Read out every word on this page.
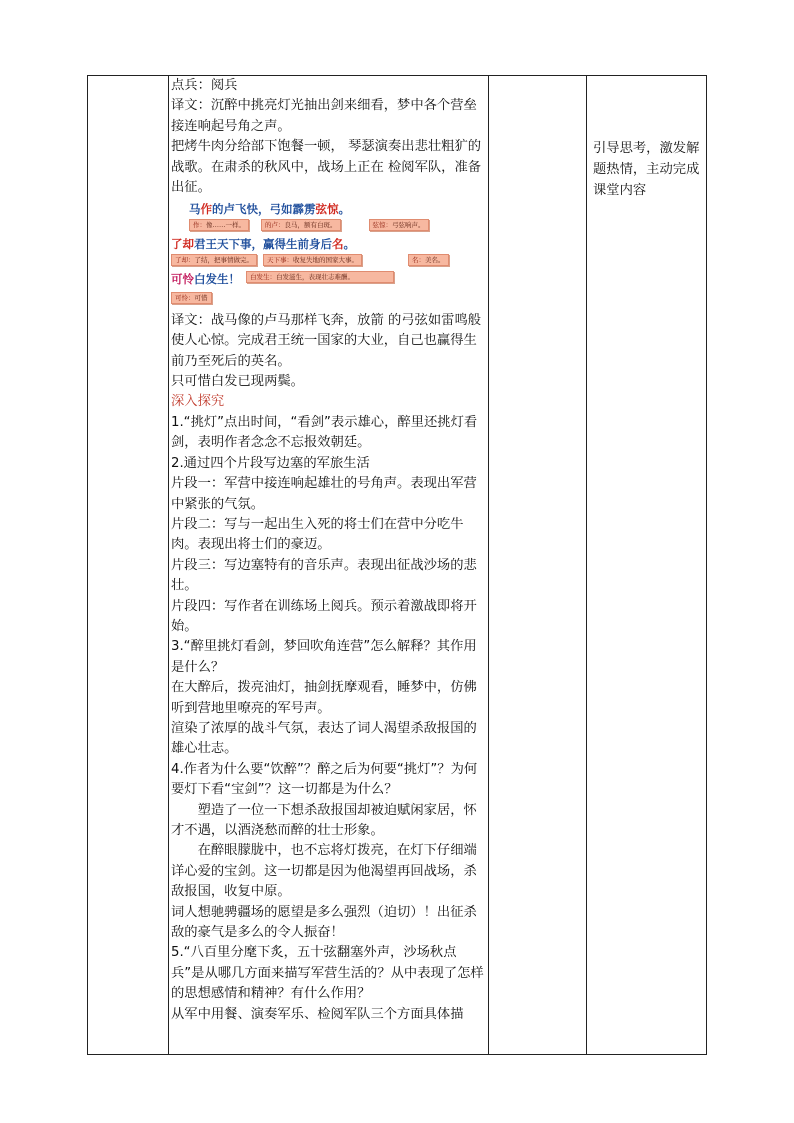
点兵：阅兵

译文：沉醉中挑亮灯光抽出剑来细看，梦中各个营垒接连响起号角之声。

把烤牛肉分给部下饱餐一顿， 琴瑟演奏出悲壮粗犷的战歌。在肃杀的秋风中，战场上正在 检阅军队，准备出征。

马作的卢飞快，弓如霹雳弦惊。
作：像……一样。	的卢：良马，额有白斑。	弦惊：弓弦响声。
了却君王天下事，赢得生前身后名。
了却：了结，把事情做完。	天下事：收复失地的国家大事。	名：美名。
可怜白发生！
可怜：可惜
白发生：白发滋生，表现壮志难酬。

译文：战马像的卢马那样飞奔，放箭 的弓弦如雷鸣般使人心惊。完成君王统一国家的大业，自己也赢得生前乃至死后的英名。

只可惜白发已现两鬓。

深入探究

1.“挑灯”点出时间，“看剑”表示雄心，醉里还挑灯看剑，表明作者念念不忘报效朝廷。

2.通过四个片段写边塞的军旅生活

片段一：军营中接连响起雄壮的号角声。表现出军营中紧张的气氛。

片段二：写与一起出生入死的将士们在营中分吃牛肉。表现出将士们的豪迈。

片段三：写边塞特有的音乐声。表现出征战沙场的悲壮。

片段四：写作者在训练场上阅兵。预示着激战即将开始。

3.“醉里挑灯看剑，梦回吹角连营”怎么解释？其作用是什么？

在大醉后，拨亮油灯，抽剑抚摩观看，睡梦中，仿佛听到营地里嘹亮的军号声。

渲染了浓厚的战斗气氛，表达了词人渴望杀敌报国的雄心壮志。

4.作者为什么要“饮醉”？醉之后为何要“挑灯”？为何要灯下看“宝剑”？这一切都是为什么？

塑造了一位一下想杀敌报国却被迫赋闲家居，怀才不遇，以酒浇愁而醉的壮士形象。

在醉眼朦胧中，也不忘将灯拨亮，在灯下仔细端详心爱的宝剑。这一切都是因为他渴望再回战场，杀敌报国，收复中原。

词人想驰骋疆场的愿望是多么强烈（迫切）！出征杀敌的豪气是多么的令人振奋！

5.“八百里分麾下炙，五十弦翻塞外声，沙场秋点兵”是从哪几方面来描写军营生活的？从中表现了怎样的思想感情和精神？有什么作用？

从军中用餐、演奏军乐、检阅军队三个方面具体描

引导思考，激发解题热情，主动完成课堂内容
